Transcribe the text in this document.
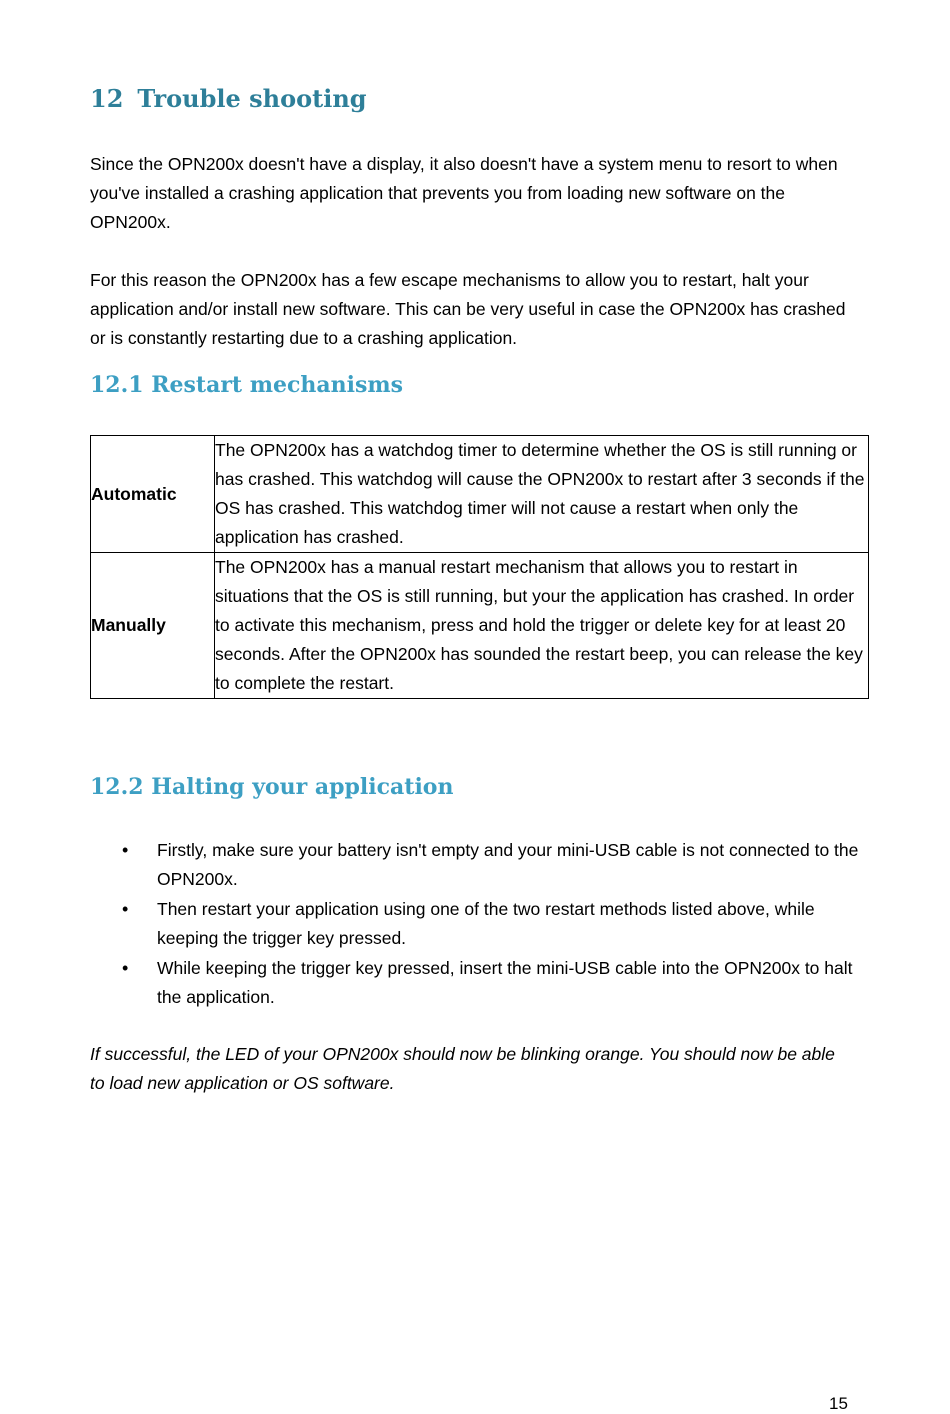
12 Trouble shooting

Since the OPN200x doesn't have a display, it also doesn't have a system menu to resort to when you've installed a crashing application that prevents you from loading new software on the OPN200x.

For this reason the OPN200x has a few escape mechanisms to allow you to restart, halt your application and/or install new software. This can be very useful in case the OPN200x has crashed or is constantly restarting due to a crashing application.

12.1 Restart mechanisms
Automatic	The OPN200x has a watchdog timer to determine whether the OS is still running or has crashed. This watchdog will cause the OPN200x to restart after 3 seconds if the OS has crashed. This watchdog timer will not cause a restart when only the application has crashed.
Manually	The OPN200x has a manual restart mechanism that allows you to restart in situations that the OS is still running, but your the application has crashed. In order to activate this mechanism, press and hold the trigger or delete key for at least 20 seconds. After the OPN200x has sounded the restart beep, you can release the key to complete the restart.
12.2 Halting your application
• Firstly, make sure your battery isn't empty and your mini-USB cable is not connected to the OPN200x.
• Then restart your application using one of the two restart methods listed above, while keeping the trigger key pressed.
• While keeping the trigger key pressed, insert the mini-USB cable into the OPN200x to halt the application.

If successful, the LED of your OPN200x should now be blinking orange. You should now be able to load new application or OS software.

15
